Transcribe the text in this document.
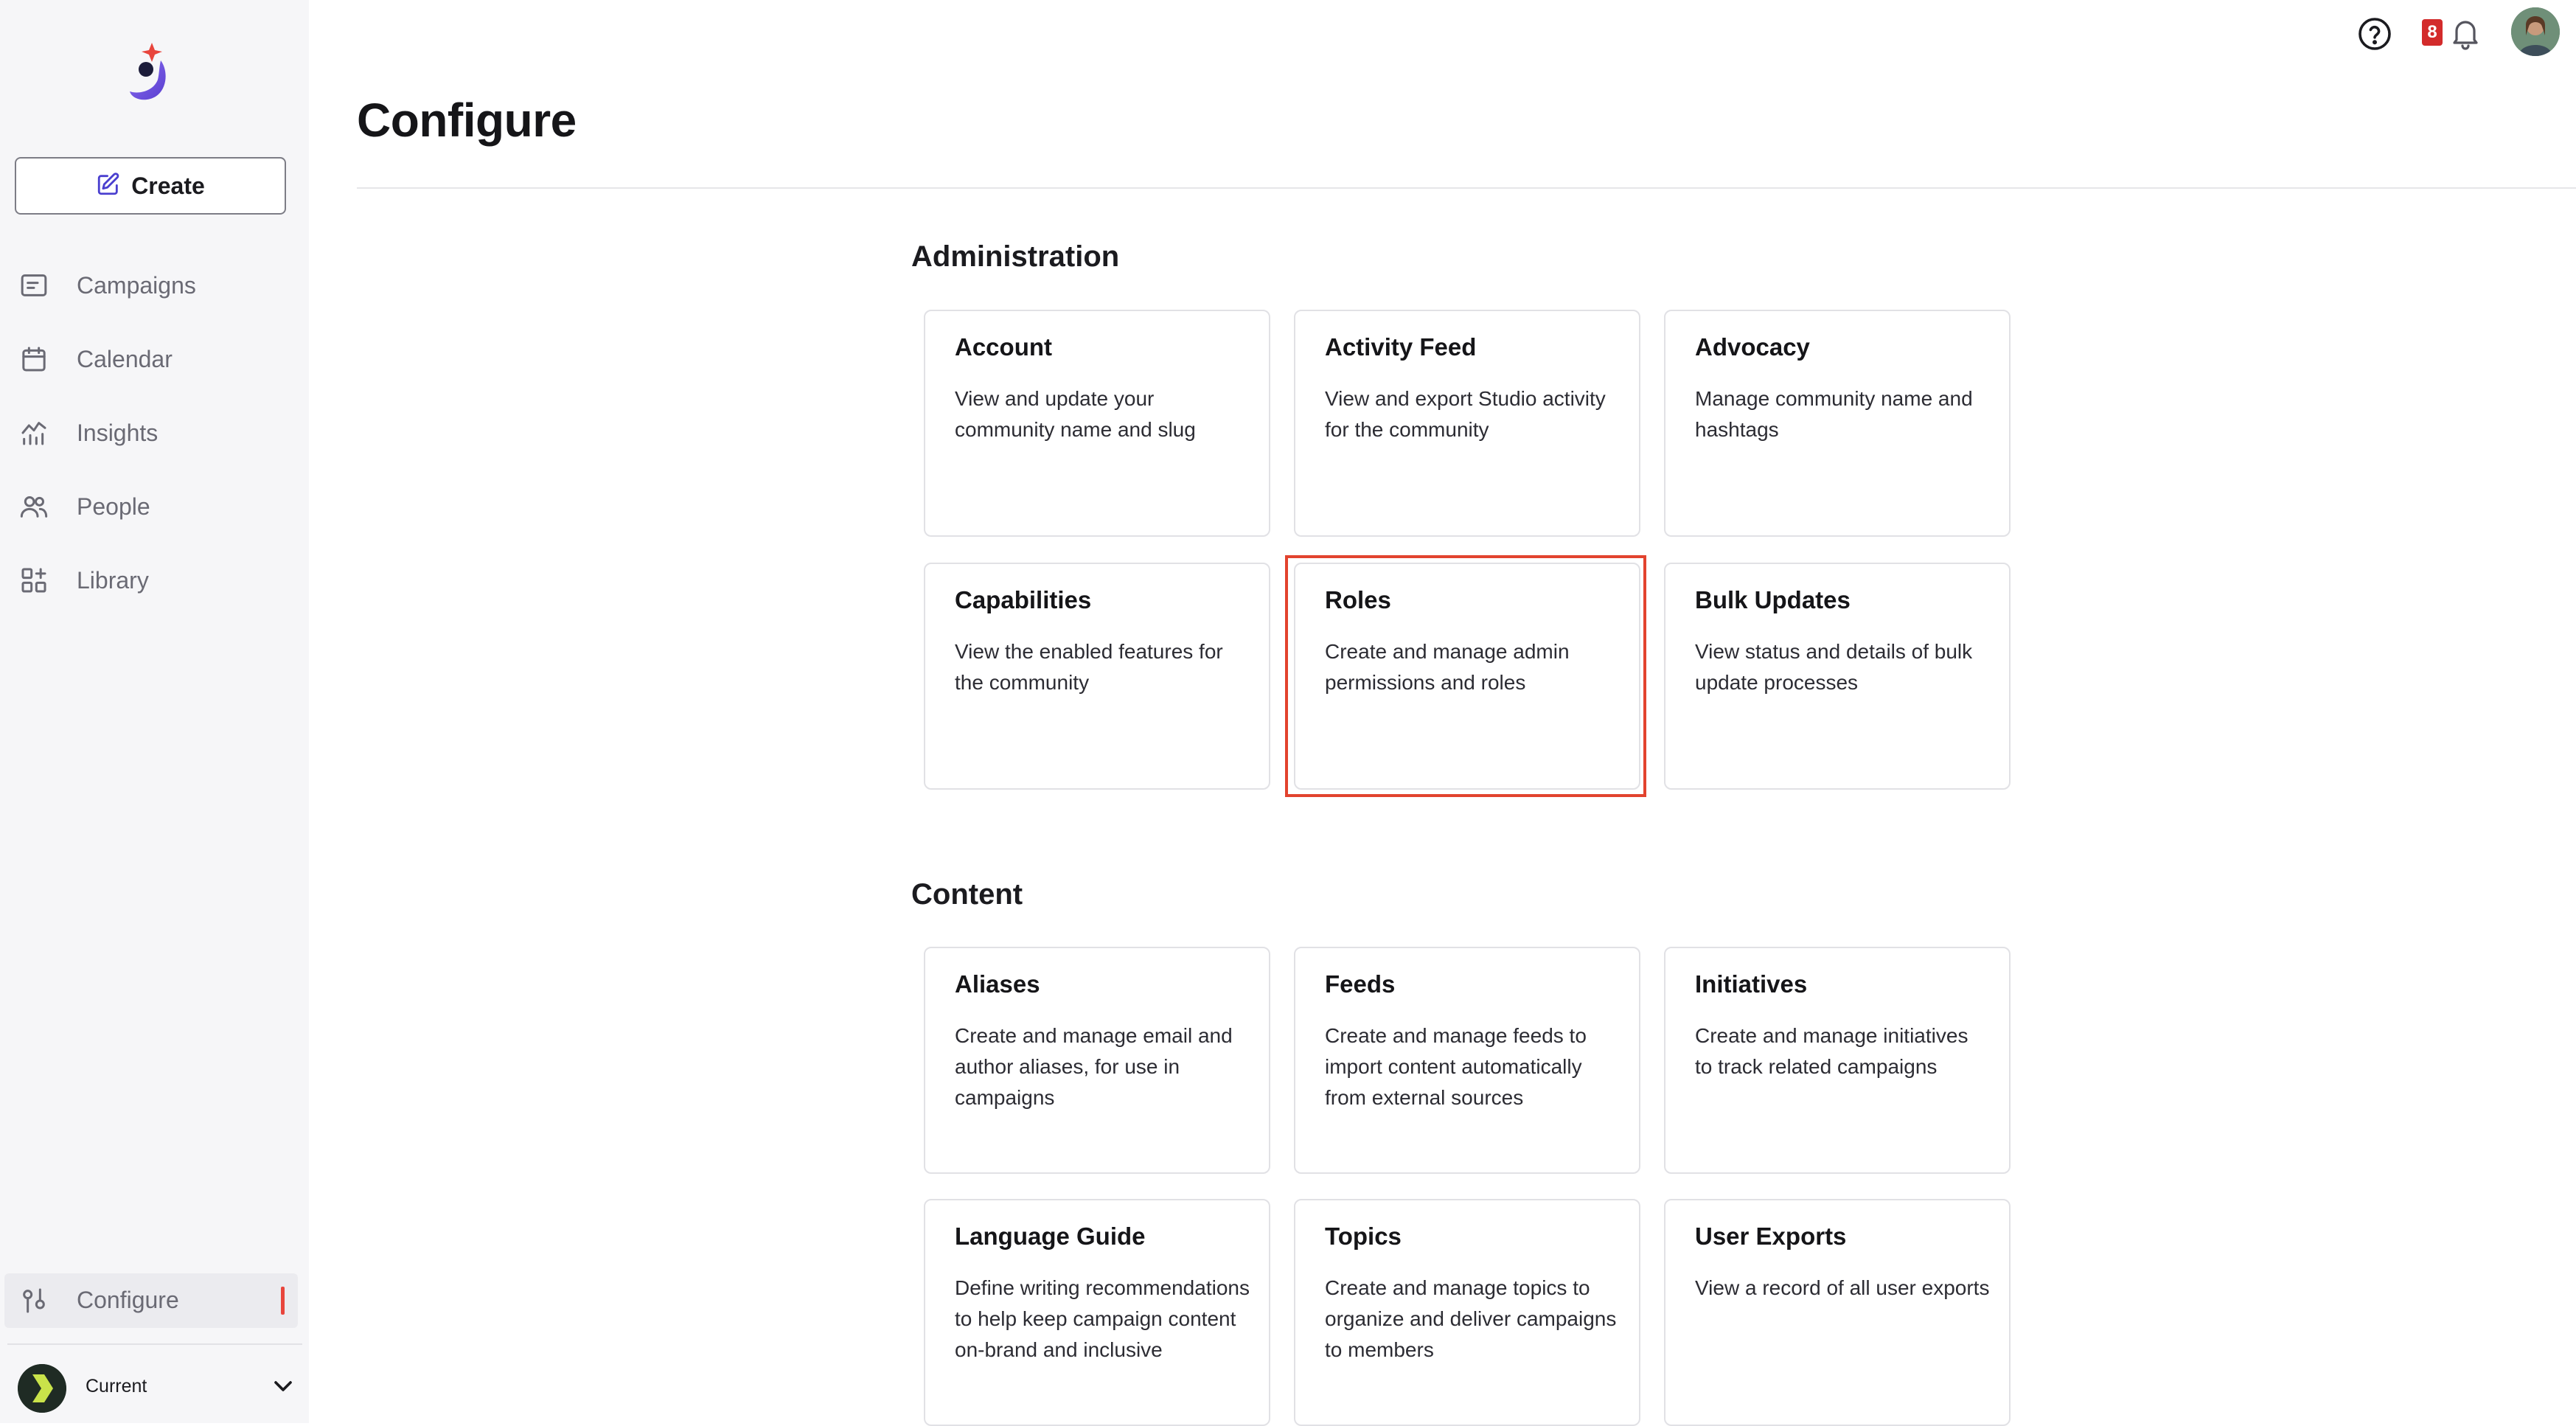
Create
Campaigns
Calendar
Insights
People
Library
Configure
Current
8
Configure
Administration
Account
View and update your community name and slug
Activity Feed
View and export Studio activity for the community
Advocacy
Manage community name and hashtags
Capabilities
View the enabled features for the community
Roles
Create and manage admin permissions and roles
Bulk Updates
View status and details of bulk update processes
Content
Aliases
Create and manage email and author aliases, for use in campaigns
Feeds
Create and manage feeds to import content automatically from external sources
Initiatives
Create and manage initiatives to track related campaigns
Language Guide
Define writing recommendations to help keep campaign content on-brand and inclusive
Topics
Create and manage topics to organize and deliver campaigns to members
User Exports
View a record of all user exports
